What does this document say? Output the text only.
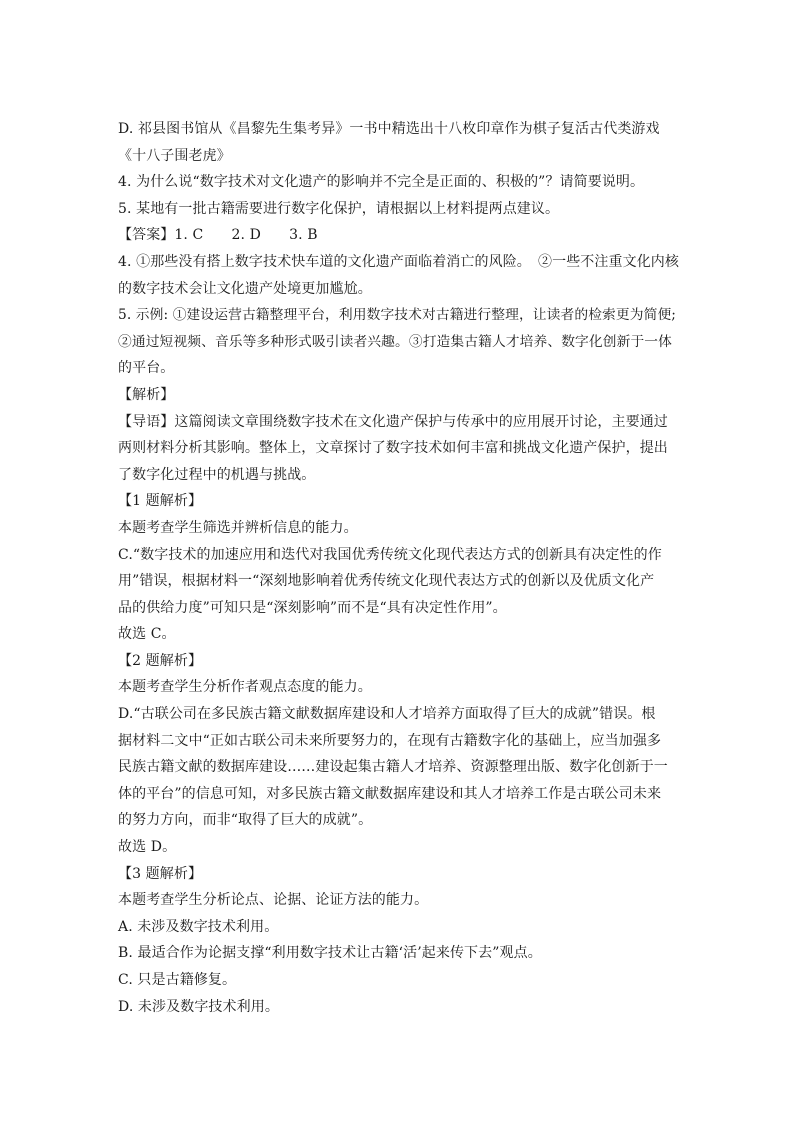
D. 祁县图书馆从《昌黎先生集考异》一书中精选出十八枚印章作为棋子复活古代类游戏
《十八子围老虎》
4. 为什么说“数字技术对文化遗产的影响并不完全是正面的、积极的”？请简要说明。
5. 某地有一批古籍需要进行数字化保护，请根据以上材料提两点建议。
【答案】1. C　　2. D　　3. B
4. ①那些没有搭上数字技术快车道的文化遗产面临着消亡的风险。　②一些不注重文化内核
的数字技术会让文化遗产处境更加尴尬。
5. 示例: ①建设运营古籍整理平台，利用数字技术对古籍进行整理，让读者的检索更为简便;
②通过短视频、音乐等多种形式吸引读者兴趣。③打造集古籍人才培养、数字化创新于一体
的平台。
【解析】
【导语】这篇阅读文章围绕数字技术在文化遗产保护与传承中的应用展开讨论，主要通过
两则材料分析其影响。整体上，文章探讨了数字技术如何丰富和挑战文化遗产保护，提出
了数字化过程中的机遇与挑战。
【1 题解析】
本题考查学生筛选并辨析信息的能力。
C.“数字技术的加速应用和迭代对我国优秀传统文化现代表达方式的创新具有决定性的作
用”错误，根据材料一“深刻地影响着优秀传统文化现代表达方式的创新以及优质文化产
品的供给力度”可知只是“深刻影响”而不是“具有决定性作用”。
故选 C。
【2 题解析】
本题考查学生分析作者观点态度的能力。
D.“古联公司在多民族古籍文献数据库建设和人才培养方面取得了巨大的成就”错误。根
据材料二文中“正如古联公司未来所要努力的，在现有古籍数字化的基础上，应当加强多
民族古籍文献的数据库建设……建设起集古籍人才培养、资源整理出版、数字化创新于一
体的平台”的信息可知，对多民族古籍文献数据库建设和其人才培养工作是古联公司未来
的努力方向，而非“取得了巨大的成就”。
故选 D。
【3 题解析】
本题考查学生分析论点、论据、论证方法的能力。
A. 未涉及数字技术利用。
B. 最适合作为论据支撑“利用数字技术让古籍‘活’起来传下去”观点。
C. 只是古籍修复。
D. 未涉及数字技术利用。
